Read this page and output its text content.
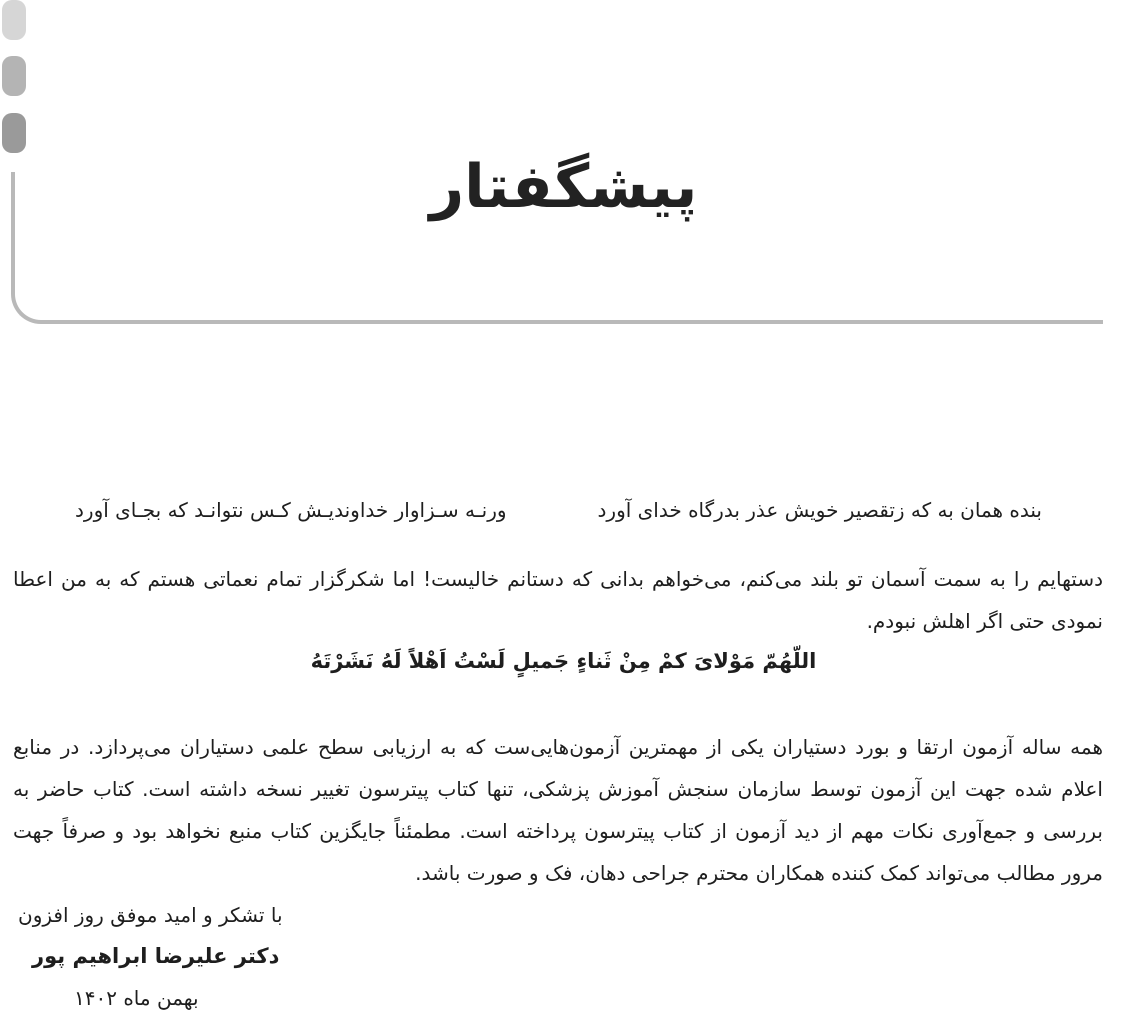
پیشگفتار
بنده همان به که زتقصیر خویش عذر بدرگاه خدای آورد
ورنـه سـزاوار خداوندیـش کـس نتوانـد که بجـای آورد
دستهایم را به سمت آسمان تو بلند می‌کنم، می‌خواهم بدانی که دستانم خالیست! اما شکرگزار تمام نعماتی هستم که به من اعطا نمودی حتی اگر اهلش نبودم.
اللّهُمّ مَوْلایَ کمْ مِنْ ثَناءٍ جَمیلٍ لَسْتُ اَهْلاً لَهُ نَشَرْتَهُ
همه ساله آزمون ارتقا و بورد دستیاران یکی از مهمترین آزمون‌هایی‌ست که به ارزیابی سطح علمی دستیاران می‌پردازد. در منابع اعلام شده جهت این آزمون توسط سازمان سنجش آموزش پزشکی، تنها کتاب پیترسون تغییر نسخه داشته است. کتاب حاضر به بررسی و جمع‌آوری نکات مهم از دید آزمون از کتاب پیترسون پرداخته است. مطمئناً جایگزین کتاب منبع نخواهد بود و صرفاً جهت مرور مطالب می‌تواند کمک کننده همکاران محترم جراحی دهان، فک و صورت باشد.
با تشکر و امید موفق روز افزون
دکتر علیرضا ابراهیم پور
بهمن ماه ۱۴۰۲
